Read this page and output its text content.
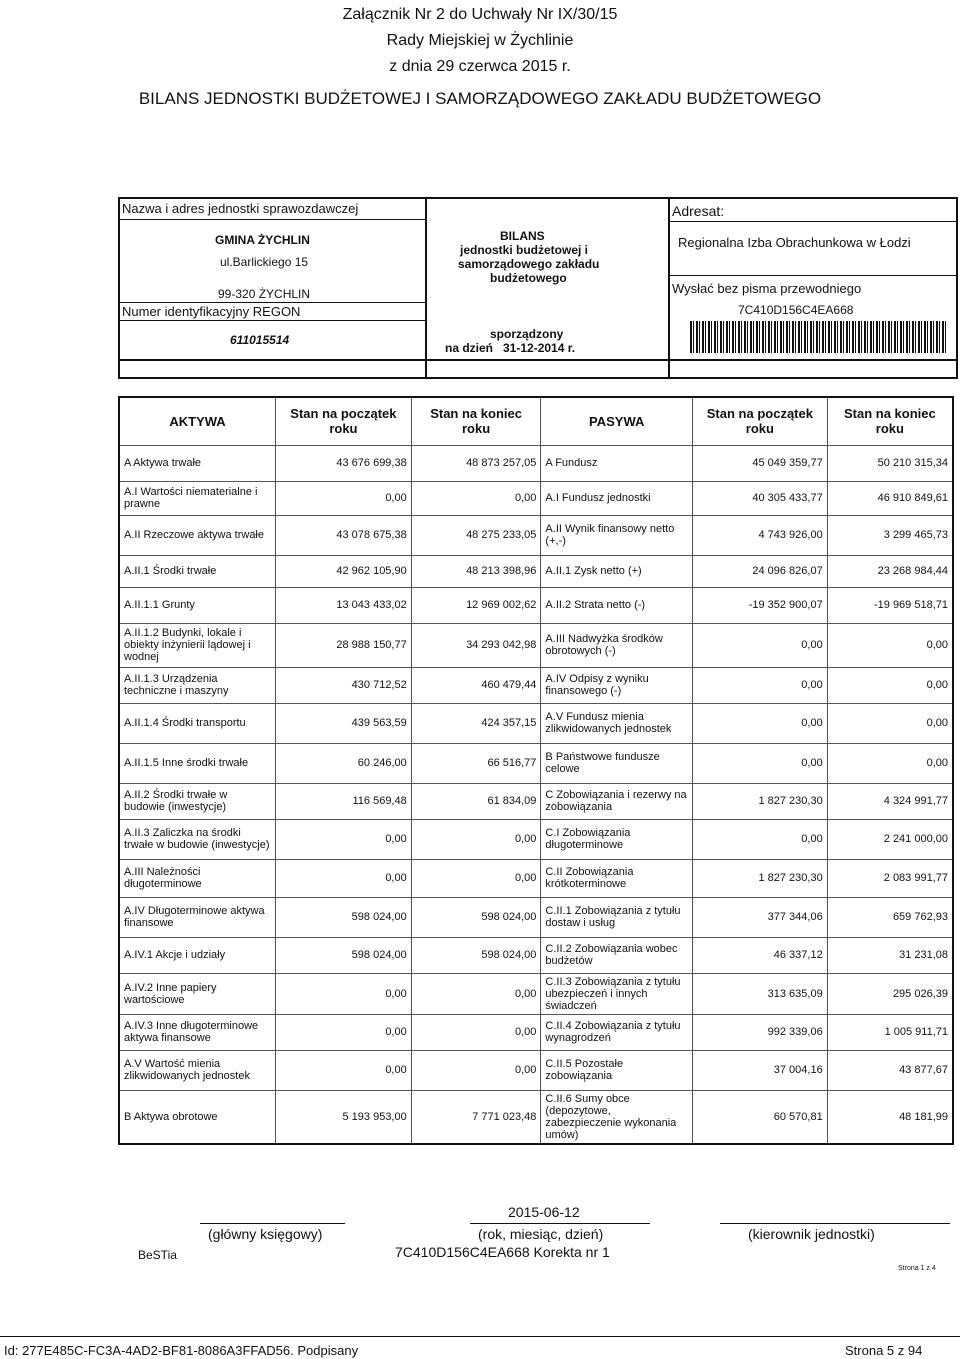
Załącznik Nr 2 do Uchwały Nr IX/30/15
Rady Miejskiej w Żychlinie
z dnia 29 czerwca 2015 r.
BILANS JEDNOSTKI BUDŻETOWEJ I SAMORZĄDOWEGO ZAKŁADU BUDŻETOWEGO
Nazwa i adres jednostki sprawozdawczej
GMINA ŻYCHLIN
ul.Barlickiego 15
99-320 ŻYCHLIN
Numer identyfikacyjny REGON
611015514
BILANS
jednostki budżetowej i
samorządowego zakładu
budżetowego
sporządzony
na dzień   31-12-2014 r.
Adresat:
Regionalna Izba Obrachunkowa w Łodzi
Wysłać bez pisma przewodniego
7C410D156C4EA668
AKTYWA	Stan na początek roku	Stan na koniec roku	PASYWA	Stan na początek roku	Stan na koniec roku
A Aktywa trwałe	43 676 699,38	48 873 257,05	A Fundusz	45 049 359,77	50 210 315,34
A.I Wartości niematerialne i prawne	0,00	0,00	A.I Fundusz jednostki	40 305 433,77	46 910 849,61
A.II Rzeczowe aktywa trwałe	43 078 675,38	48 275 233,05	A.II Wynik finansowy netto (+,-)	4 743 926,00	3 299 465,73
A.II.1 Środki trwałe	42 962 105,90	48 213 398,96	A.II.1 Zysk netto (+)	24 096 826,07	23 268 984,44
A.II.1.1 Grunty	13 043 433,02	12 969 002,62	A.II.2 Strata netto (-)	-19 352 900,07	-19 969 518,71
A.II.1.2 Budynki, lokale i obiekty inżynierii lądowej i wodnej	28 988 150,77	34 293 042,98	A.III Nadwyżka środków obrotowych (-)	0,00	0,00
A.II.1.3 Urządzenia techniczne i maszyny	430 712,52	460 479,44	A.IV Odpisy z wyniku finansowego (-)	0,00	0,00
A.II.1.4 Środki transportu	439 563,59	424 357,15	A.V Fundusz mienia zlikwidowanych jednostek	0,00	0,00
A.II.1.5 Inne środki trwałe	60 246,00	66 516,77	B Państwowe fundusze celowe	0,00	0,00
A.II.2 Środki trwałe w budowie (inwestycje)	116 569,48	61 834,09	C Zobowiązania i rezerwy na zobowiązania	1 827 230,30	4 324 991,77
A.II.3 Zaliczka na środki trwałe w budowie (inwestycje)	0,00	0,00	C.I Zobowiązania długoterminowe	0,00	2 241 000,00
A.III Należności długoterminowe	0,00	0,00	C.II Zobowiązania krótkoterminowe	1 827 230,30	2 083 991,77
A.IV Długoterminowe aktywa finansowe	598 024,00	598 024,00	C.II.1 Zobowiązania z tytułu dostaw i usług	377 344,06	659 762,93
A.IV.1 Akcje i udziały	598 024,00	598 024,00	C.II.2 Zobowiązania wobec budżetów	46 337,12	31 231,08
A.IV.2 Inne papiery wartościowe	0,00	0,00	C.II.3 Zobowiązania z tytułu ubezpieczeń i innych świadczeń	313 635,09	295 026,39
A.IV.3 Inne długoterminowe aktywa finansowe	0,00	0,00	C.II.4 Zobowiązania z tytułu wynagrodzeń	992 339,06	1 005 911,71
A.V Wartość mienia zlikwidowanych jednostek	0,00	0,00	C.II.5 Pozostałe zobowiązania	37 004,16	43 877,67
B Aktywa obrotowe	5 193 953,00	7 771 023,48	C.II.6 Sumy obce (depozytowe, zabezpieczenie wykonania umów)	60 570,81	48 181,99
2015-06-12
(główny księgowy)	(rok, miesiąc, dzień)	(kierownik jednostki)
BeSTia	7C410D156C4EA668 Korekta nr 1
Strona 1 z 4
Id: 277E485C-FC3A-4AD2-BF81-8086A3FFAD56. Podpisany	Strona 5 z 94
